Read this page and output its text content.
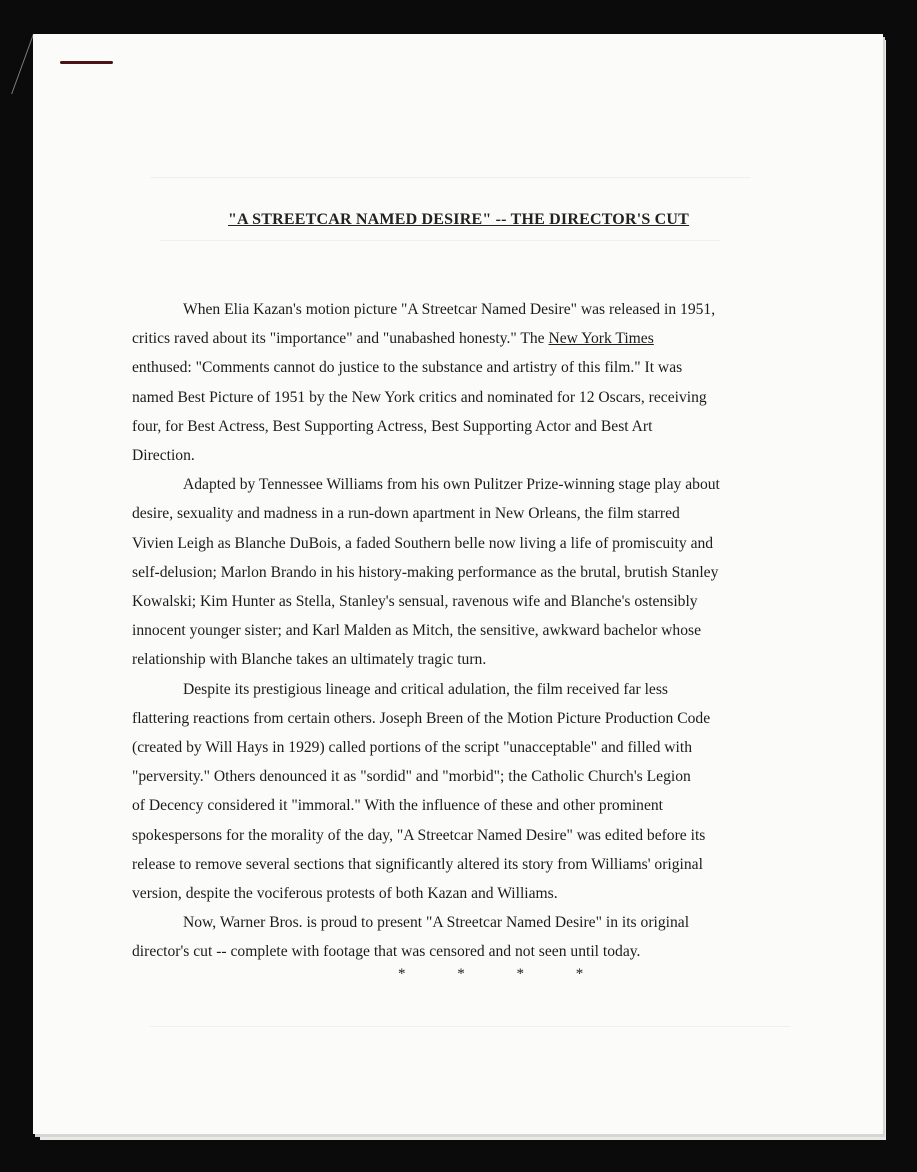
"A STREETCAR NAMED DESIRE" -- THE DIRECTOR'S CUT

When Elia Kazan's motion picture "A Streetcar Named Desire" was released in 1951,
critics raved about its "importance" and "unabashed honesty." The New York Times
enthused: "Comments cannot do justice to the substance and artistry of this film." It was
named Best Picture of 1951 by the New York critics and nominated for 12 Oscars, receiving
four, for Best Actress, Best Supporting Actress, Best Supporting Actor and Best Art
Direction.

Adapted by Tennessee Williams from his own Pulitzer Prize-winning stage play about
desire, sexuality and madness in a run-down apartment in New Orleans, the film starred
Vivien Leigh as Blanche DuBois, a faded Southern belle now living a life of promiscuity and
self-delusion; Marlon Brando in his history-making performance as the brutal, brutish Stanley
Kowalski; Kim Hunter as Stella, Stanley's sensual, ravenous wife and Blanche's ostensibly
innocent younger sister; and Karl Malden as Mitch, the sensitive, awkward bachelor whose
relationship with Blanche takes an ultimately tragic turn.

Despite its prestigious lineage and critical adulation, the film received far less
flattering reactions from certain others. Joseph Breen of the Motion Picture Production Code
(created by Will Hays in 1929) called portions of the script "unacceptable" and filled with
"perversity." Others denounced it as "sordid" and "morbid"; the Catholic Church's Legion
of Decency considered it "immoral." With the influence of these and other prominent
spokespersons for the morality of the day, "A Streetcar Named Desire" was edited before its
release to remove several sections that significantly altered its story from Williams' original
version, despite the vociferous protests of both Kazan and Williams.

Now, Warner Bros. is proud to present "A Streetcar Named Desire" in its original
director's cut -- complete with footage that was censored and not seen until today.

* * * *
